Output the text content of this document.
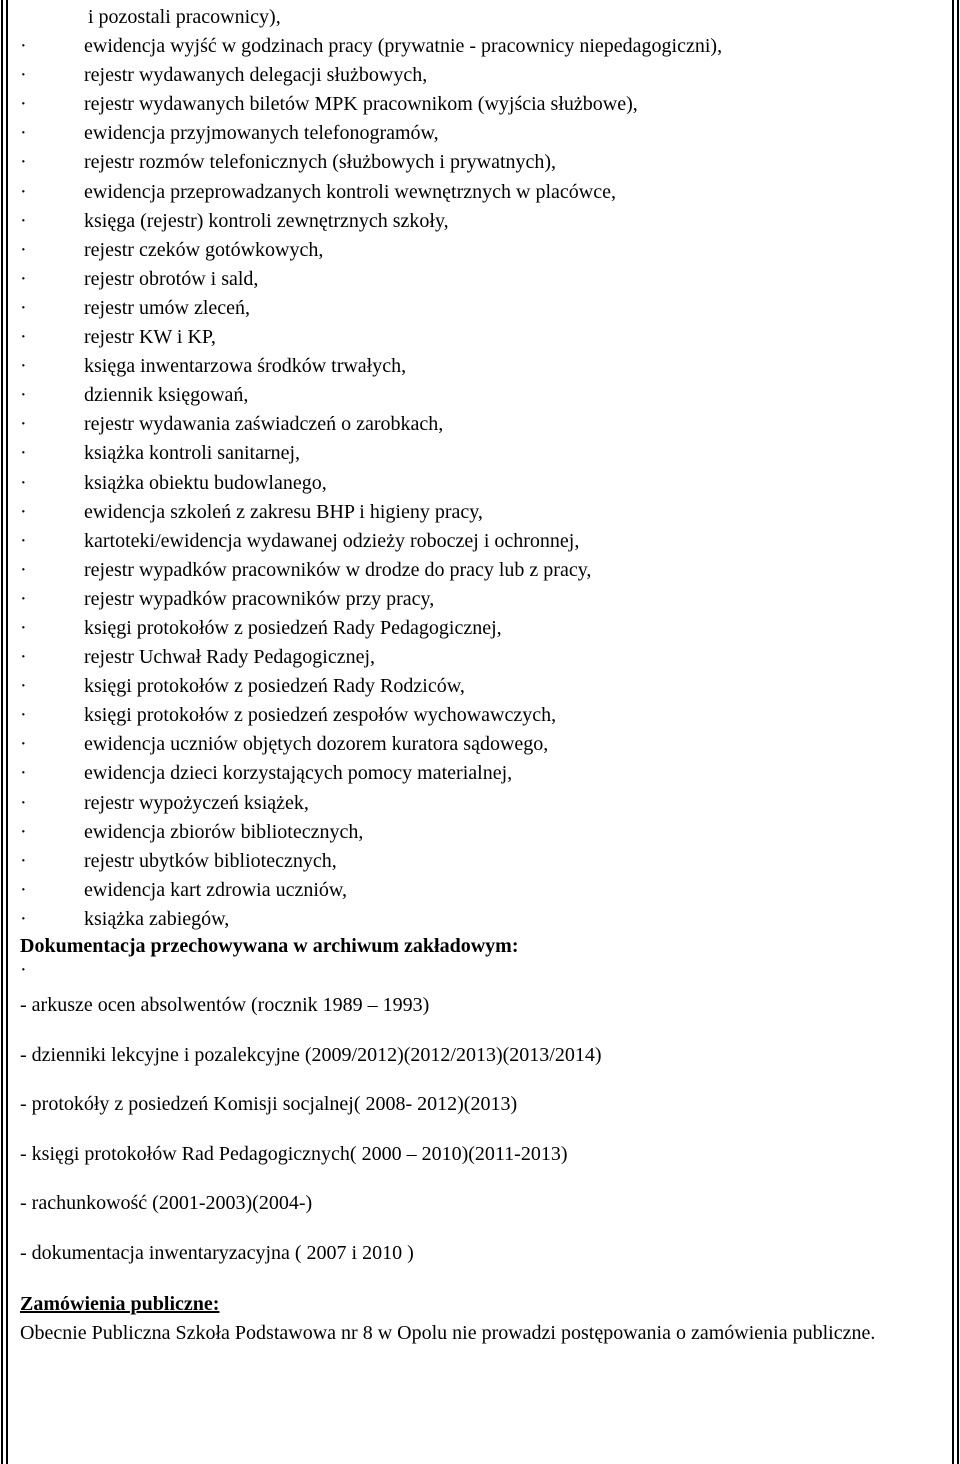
i pozostali pracownicy),
·	ewidencja wyjść w godzinach pracy (prywatnie - pracownicy niepedagogiczni),
·	rejestr wydawanych delegacji służbowych,
·	rejestr wydawanych biletów MPK pracownikom (wyjścia służbowe),
·	ewidencja przyjmowanych telefonogramów,
·	rejestr rozmów telefonicznych (służbowych i prywatnych),
·	ewidencja przeprowadzanych kontroli wewnętrznych w placówce,
·	księga (rejestr) kontroli zewnętrznych szkoły,
·	rejestr czeków gotówkowych,
·	rejestr obrotów i sald,
·	rejestr umów zleceń,
·	rejestr KW i KP,
·	księga inwentarzowa środków trwałych,
·	dziennik księgowań,
·	rejestr wydawania zaświadczeń o zarobkach,
·	książka kontroli sanitarnej,
·	książka obiektu budowlanego,
·	ewidencja szkoleń z zakresu BHP i higieny pracy,
·	kartoteki/ewidencja wydawanej odzieży roboczej i ochronnej,
·	rejestr wypadków pracowników w drodze do pracy lub z pracy,
·	rejestr wypadków pracowników przy pracy,
·	księgi protokołów z posiedzeń Rady Pedagogicznej,
·	rejestr Uchwał Rady Pedagogicznej,
·	księgi protokołów z posiedzeń Rady Rodziców,
·	księgi protokołów z posiedzeń zespołów wychowawczych,
·	ewidencja uczniów objętych dozorem kuratora sądowego,
·	ewidencja dzieci korzystających pomocy materialnej,
·	rejestr wypożyczeń książek,
·	ewidencja zbiorów bibliotecznych,
·	rejestr ubytków bibliotecznych,
·	ewidencja kart zdrowia uczniów,
·	książka zabiegów,
Dokumentacja przechowywana w archiwum zakładowym:
·
- arkusze ocen absolwentów (rocznik 1989 – 1993)
- dzienniki lekcyjne i pozalekcyjne (2009/2012)(2012/2013)(2013/2014)
- protokóły z posiedzeń Komisji socjalnej( 2008- 2012)(2013)
- księgi protokołów Rad Pedagogicznych( 2000 – 2010)(2011-2013)
- rachunkowość (2001-2003)(2004-)
- dokumentacja inwentaryzacyjna ( 2007 i 2010 )
Zamówienia publiczne:
Obecnie Publiczna Szkoła Podstawowa nr 8 w Opolu nie prowadzi postępowania o zamówienia publiczne.
